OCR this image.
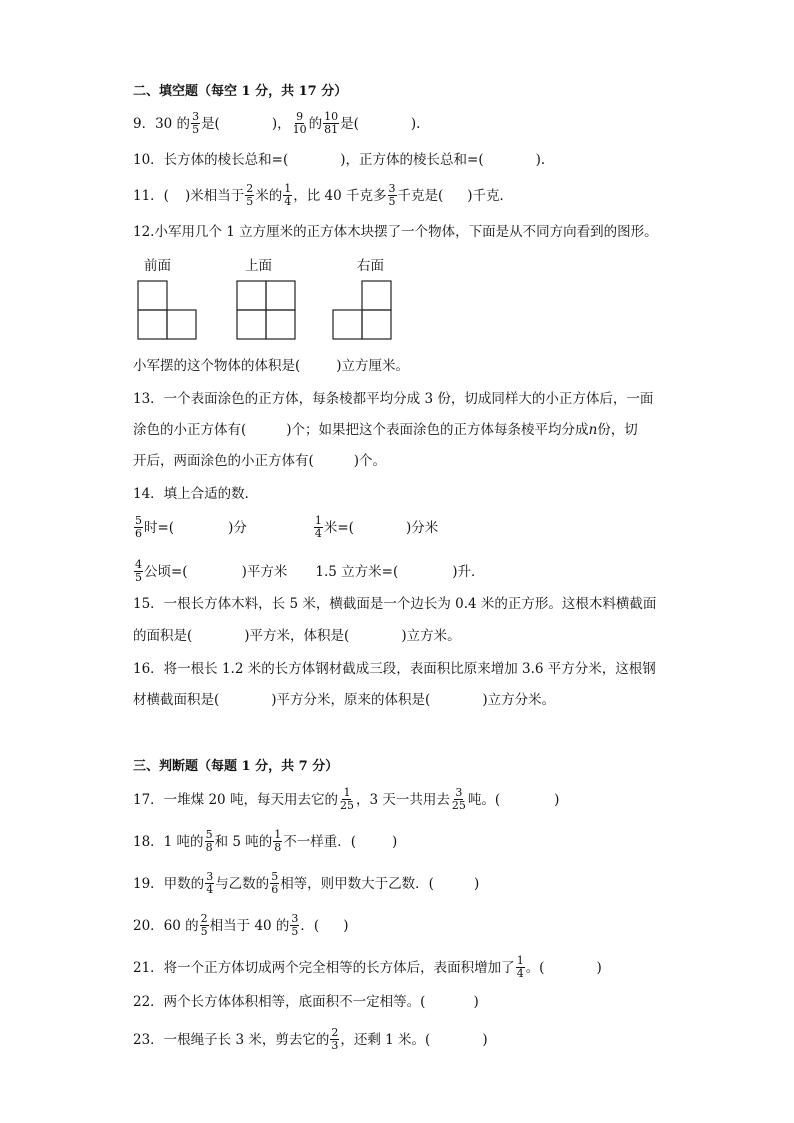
二、填空题（每空 1 分，共 17 分）
9．30 的 $\frac{3}{5}$ 是(	)， $\frac{9}{10}$ 的 $\frac{10}{81}$ 是(	).
10．长方体的棱长总和=(	)，正方体的棱长总和=(	).
11．( )米相当于 $\frac{2}{5}$ 米的 $\frac{1}{4}$ ，比 40 千克多 $\frac{3}{5}$ 千克是( )千克．
12.小军用几个 1 立方厘米的正方体木块摆了一个物体，下面是从不同方向看到的图形。
前面	上面	右面
小军摆的这个物体的体积是(	)立方厘米。
13．一个表面涂色的正方体，每条棱都平均分成 3 份，切成同样大的小正方体后，一面
涂色的小正方体有(	)个；如果把这个表面涂色的正方体每条棱平均分成n份，切
开后，两面涂色的小正方体有(	)个。
14．填上合适的数．
$\frac{5}{6}$ 时=(	)分	$\frac{1}{4}$ 米=(	)分米
$\frac{4}{5}$ 公顷=(	)平方米 1.5 立方米=(	)升．
15．一根长方体木料，长 5 米，横截面是一个边长为 0.4 米的正方形。这根木料横截面
的面积是(	)平方米，体积是(	)立方米。
16．将一根长 1.2 米的长方体钢材截成三段，表面积比原来增加 3.6 平方分米，这根钢
材横截面积是(	)平方分米，原来的体积是(	)立方分米。
三、判断题（每题 1 分，共 7 分）
17．一堆煤 20 吨，每天用去它的 $\frac{1}{25}$ ，3 天一共用去 $\frac{3}{25}$ 吨。(	)
18．1 吨的 $\frac{5}{8}$ 和 5 吨的 $\frac{1}{8}$ 不一样重．(	)
19．甲数的 $\frac{3}{4}$ 与乙数的 $\frac{5}{6}$ 相等，则甲数大于乙数．(	)
20．60 的 $\frac{2}{5}$ 相当于 40 的 $\frac{3}{5}$ ．( )
21．将一个正方体切成两个完全相等的长方体后，表面积增加了 $\frac{1}{4}$ 。(	)
22．两个长方体体积相等，底面积不一定相等。(	)
23．一根绳子长 3 米，剪去它的 $\frac{2}{3}$ ，还剩 1 米。(	)
